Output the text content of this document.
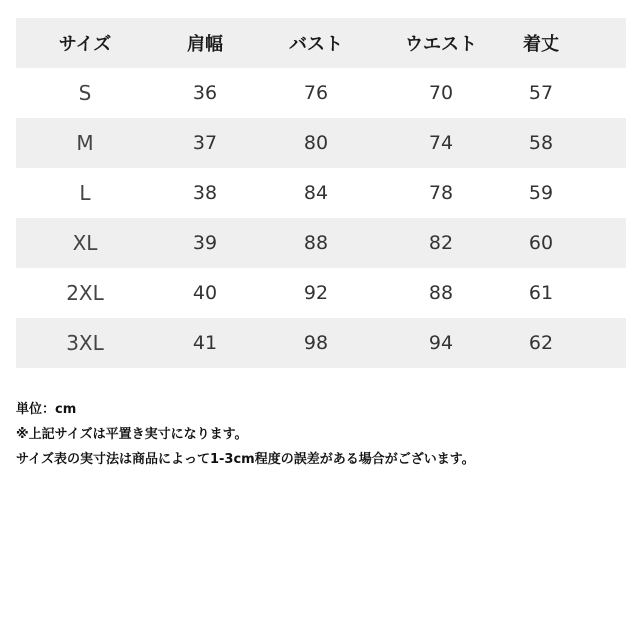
サイズ	肩幅	バスト	ウエスト	着丈
S	36	76	70	57
M	37	80	74	58
L	38	84	78	59
XL	39	88	82	60
2XL	40	92	88	61
3XL	41	98	94	62
単位：cm
※上記サイズは平置き実寸になります。
サイズ表の実寸法は商品によって1-3cm程度の誤差がある場合がございます。
